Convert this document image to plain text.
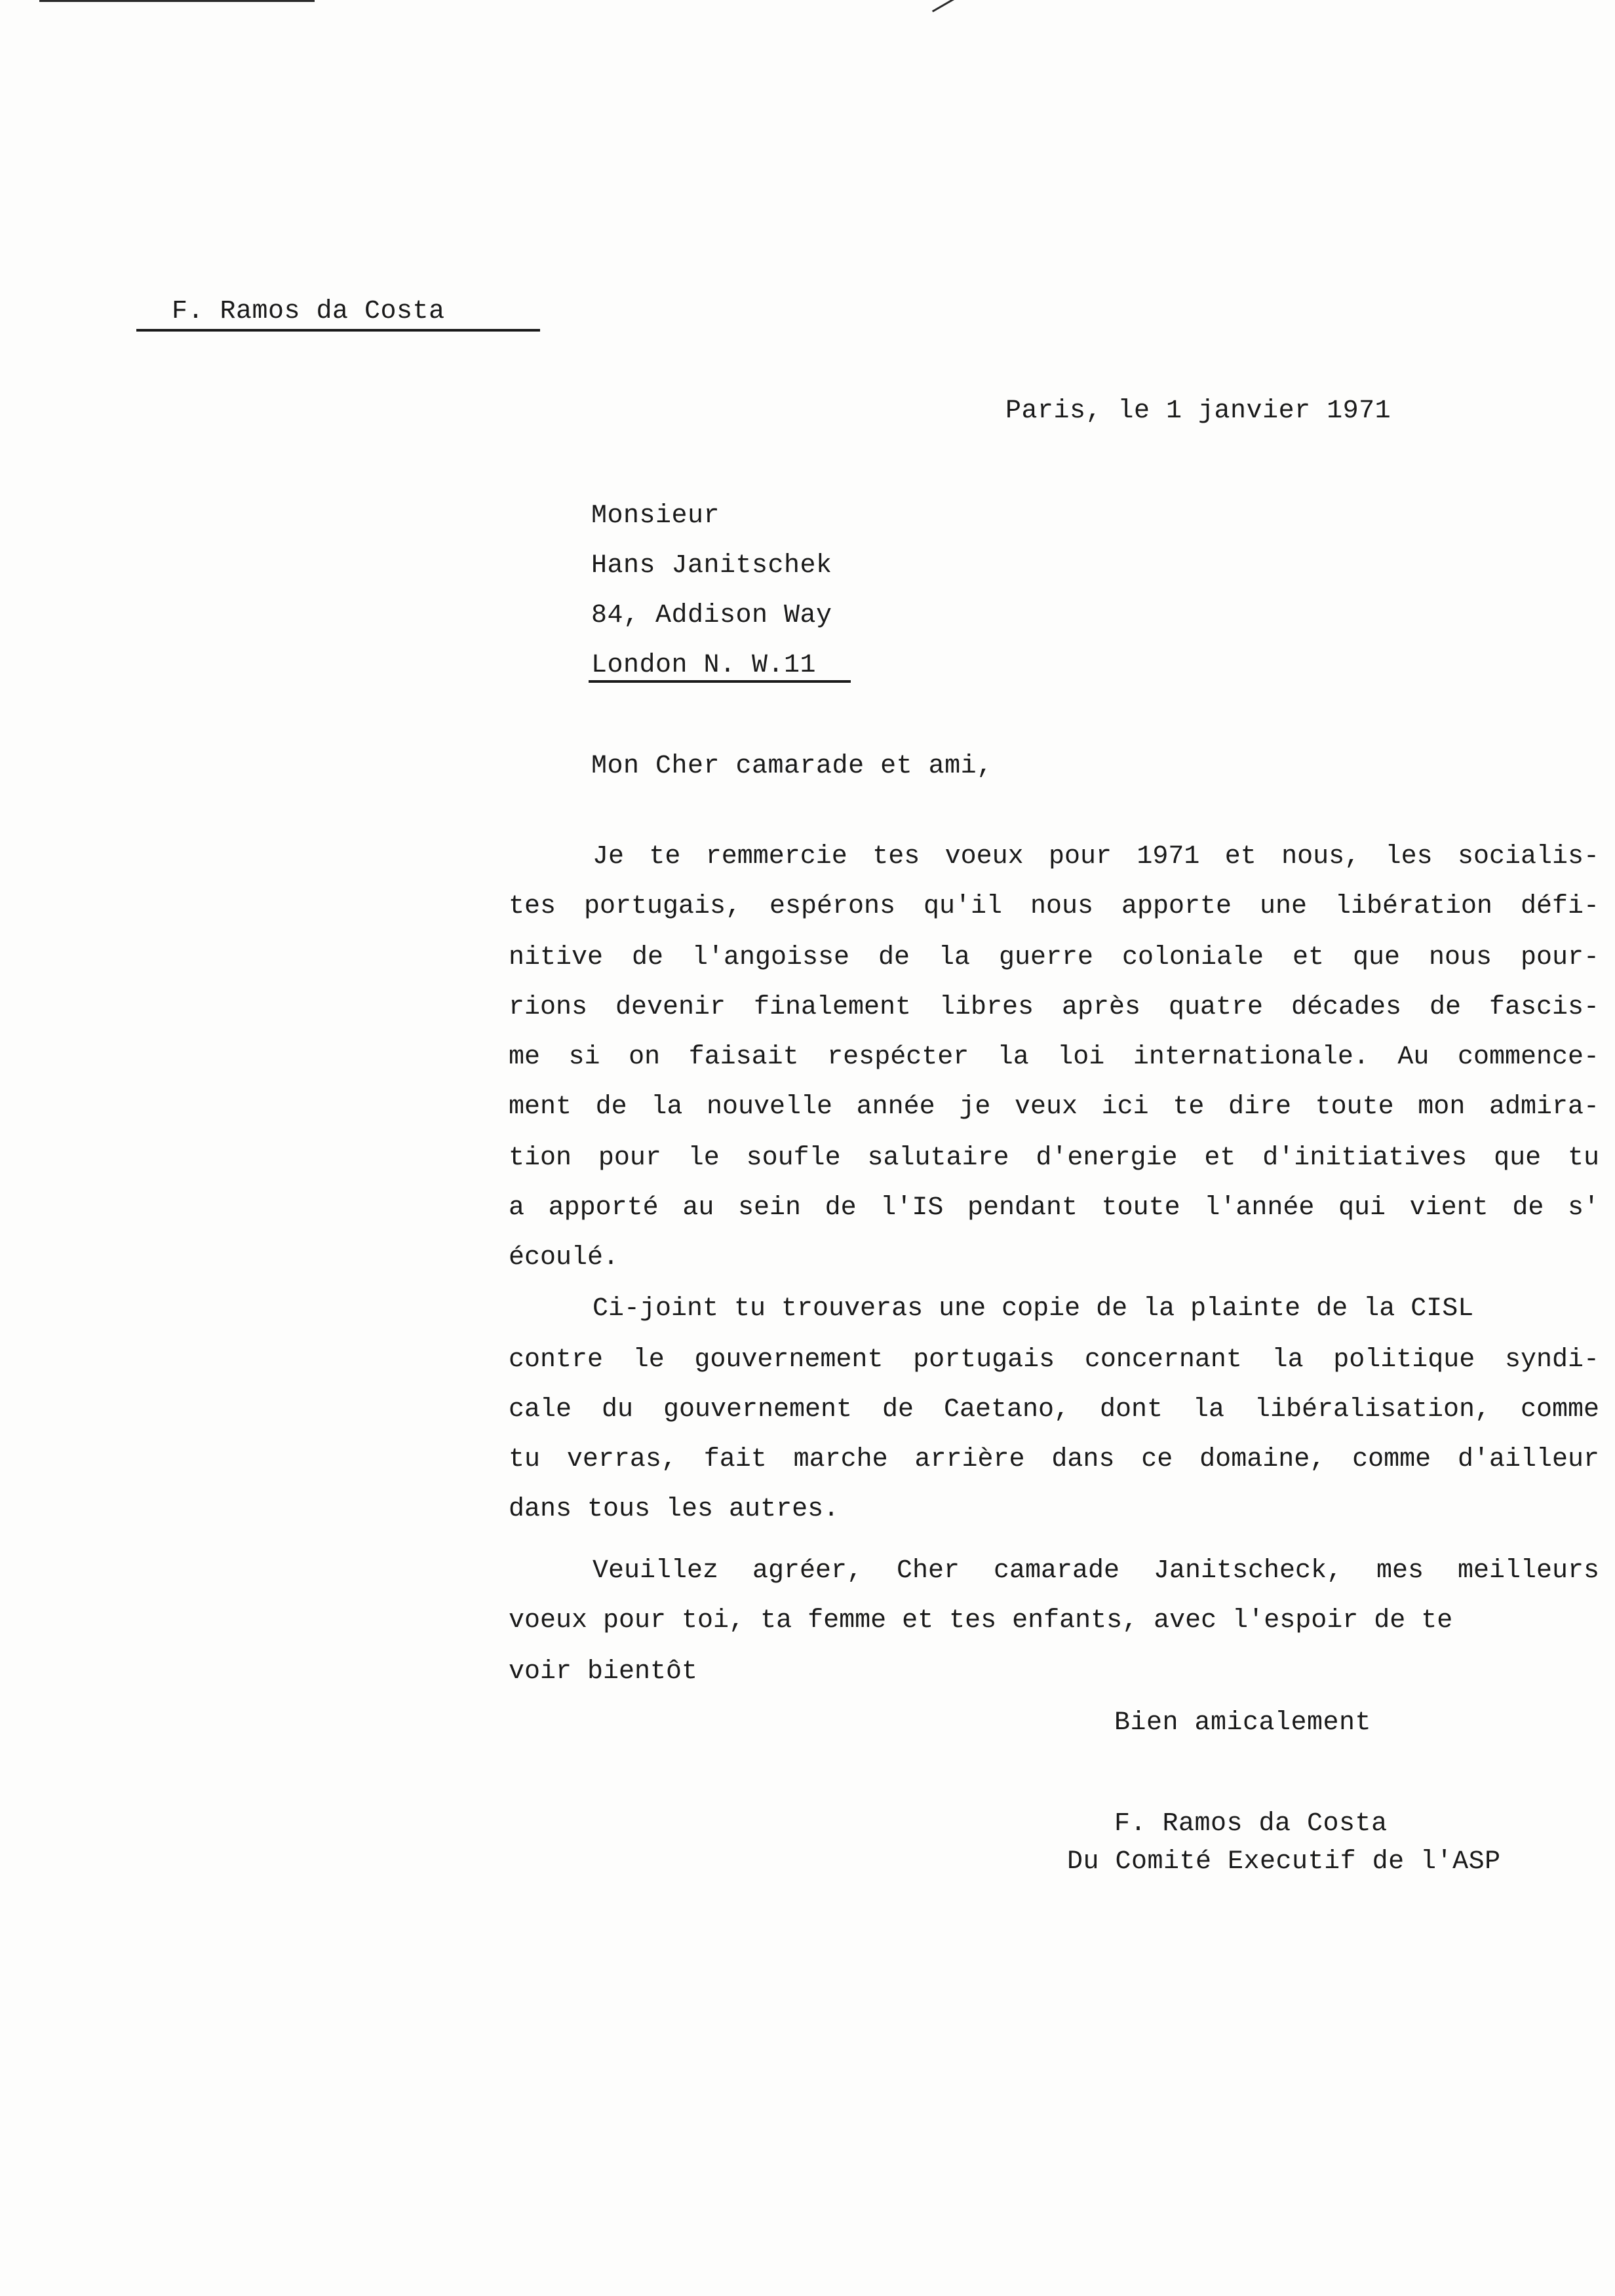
F. Ramos da Costa
Paris, le 1 janvier 1971
Monsieur
Hans Janitschek
84, Addison Way
London N. W.11
Mon Cher camarade et ami,
Je te remmercie tes voeux pour 1971 et nous, les socialis-
tes portugais, espérons qu'il nous apporte une libération défi-
nitive de l'angoisse de la guerre coloniale et que nous pour-
rions devenir finalement libres après quatre décades de fascis-
me si on faisait respécter la loi internationale. Au commence-
ment de la nouvelle année je veux ici te dire toute mon admira-
tion pour le soufle salutaire d'energie et d'initiatives que tu
a apporté au sein de l'IS pendant toute l'année qui vient de s'
écoulé.
Ci-joint tu trouveras une copie de la plainte de la CISL
contre le gouvernement portugais concernant la politique syndi-
cale du gouvernement de Caetano, dont la libéralisation, comme
tu verras, fait marche arrière dans ce domaine, comme d'ailleur
dans tous les autres.
Veuillez agréer, Cher camarade Janitscheck, mes meilleurs
voeux pour toi, ta femme et tes enfants, avec l'espoir de te
voir bientôt
Bien amicalement
F. Ramos da Costa
Du Comité Executif de l'ASP
